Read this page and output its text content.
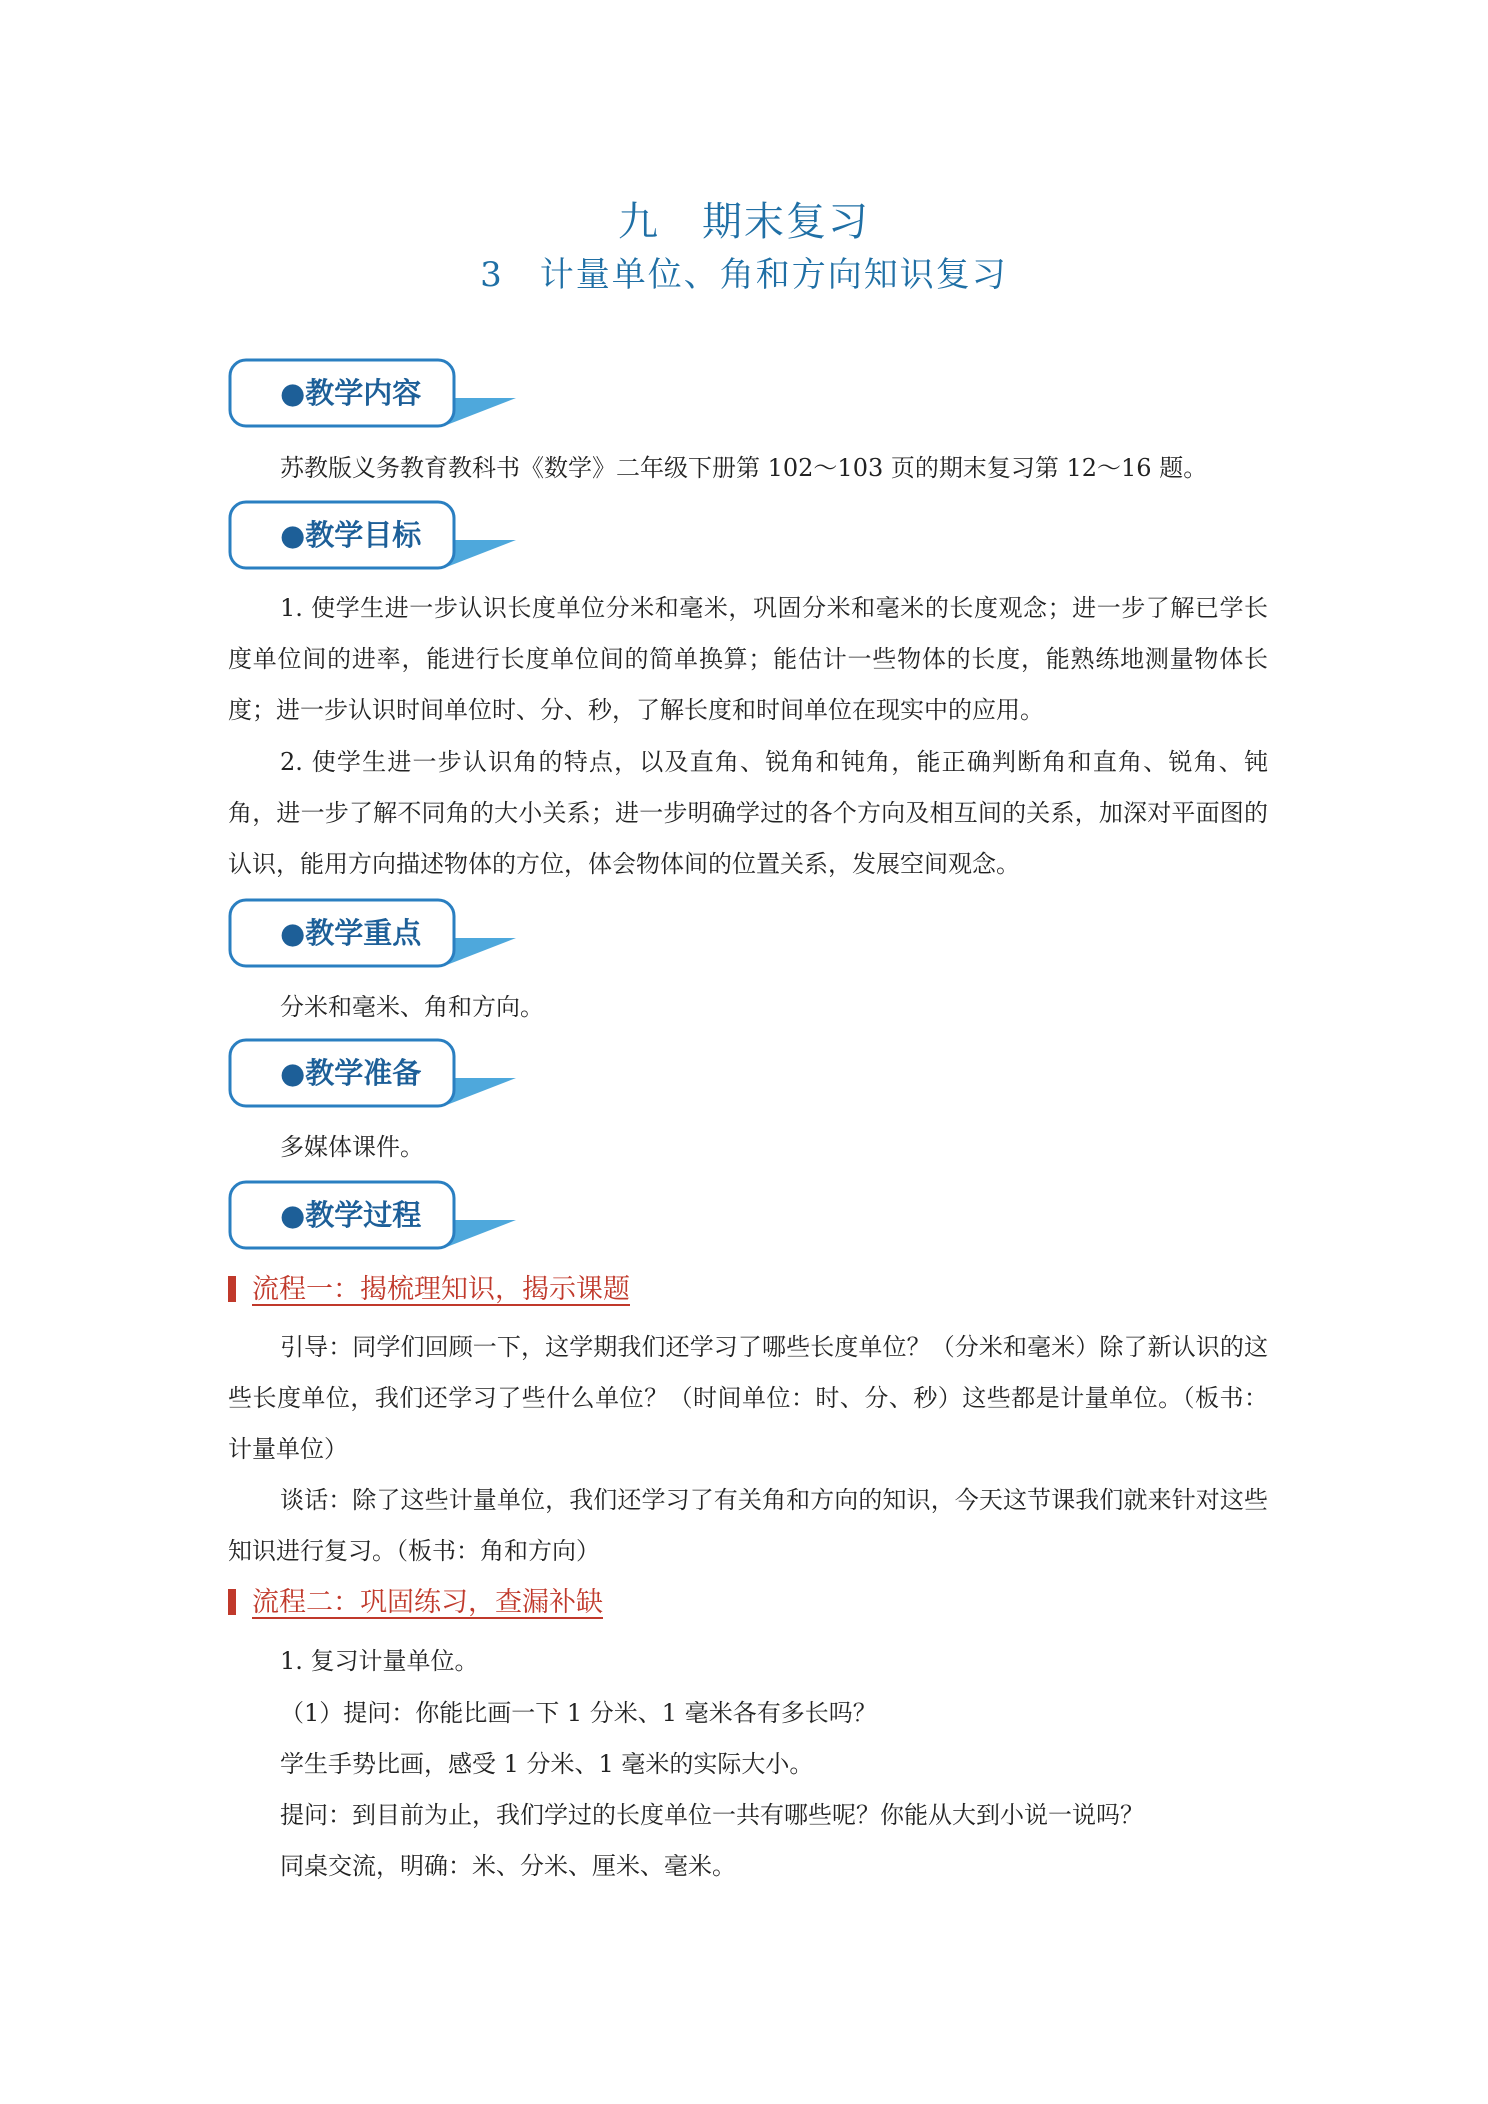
九　期末复习
3　计量单位、角和方向知识复习
●教学内容

苏教版义务教育教科书《数学》二年级下册第 102～103 页的期末复习第 12～16 题。

●教学目标

1. 使学生进一步认识长度单位分米和毫米，巩固分米和毫米的长度观念；进一步了解已学长度单位间的进率，能进行长度单位间的简单换算；能估计一些物体的长度，能熟练地测量物体长度；进一步认识时间单位时、分、秒，了解长度和时间单位在现实中的应用。

2. 使学生进一步认识角的特点，以及直角、锐角和钝角，能正确判断角和直角、锐角、钝角，进一步了解不同角的大小关系；进一步明确学过的各个方向及相互间的关系，加深对平面图的认识，能用方向描述物体的方位，体会物体间的位置关系，发展空间观念。

●教学重点

分米和毫米、角和方向。

●教学准备

多媒体课件。

●教学过程
流程一：揭梳理知识，揭示课题

引导：同学们回顾一下，这学期我们还学习了哪些长度单位？（分米和毫米）除了新认识的这些长度单位，我们还学习了些什么单位？（时间单位：时、分、秒）这些都是计量单位。（板书：计量单位）

谈话：除了这些计量单位，我们还学习了有关角和方向的知识，今天这节课我们就来针对这些知识进行复习。（板书：角和方向）

流程二：巩固练习，查漏补缺

1. 复习计量单位。

（1）提问：你能比画一下 1 分米、1 毫米各有多长吗？

学生手势比画，感受 1 分米、1 毫米的实际大小。

提问：到目前为止，我们学过的长度单位一共有哪些呢？你能从大到小说一说吗？

同桌交流，明确：米、分米、厘米、毫米。
